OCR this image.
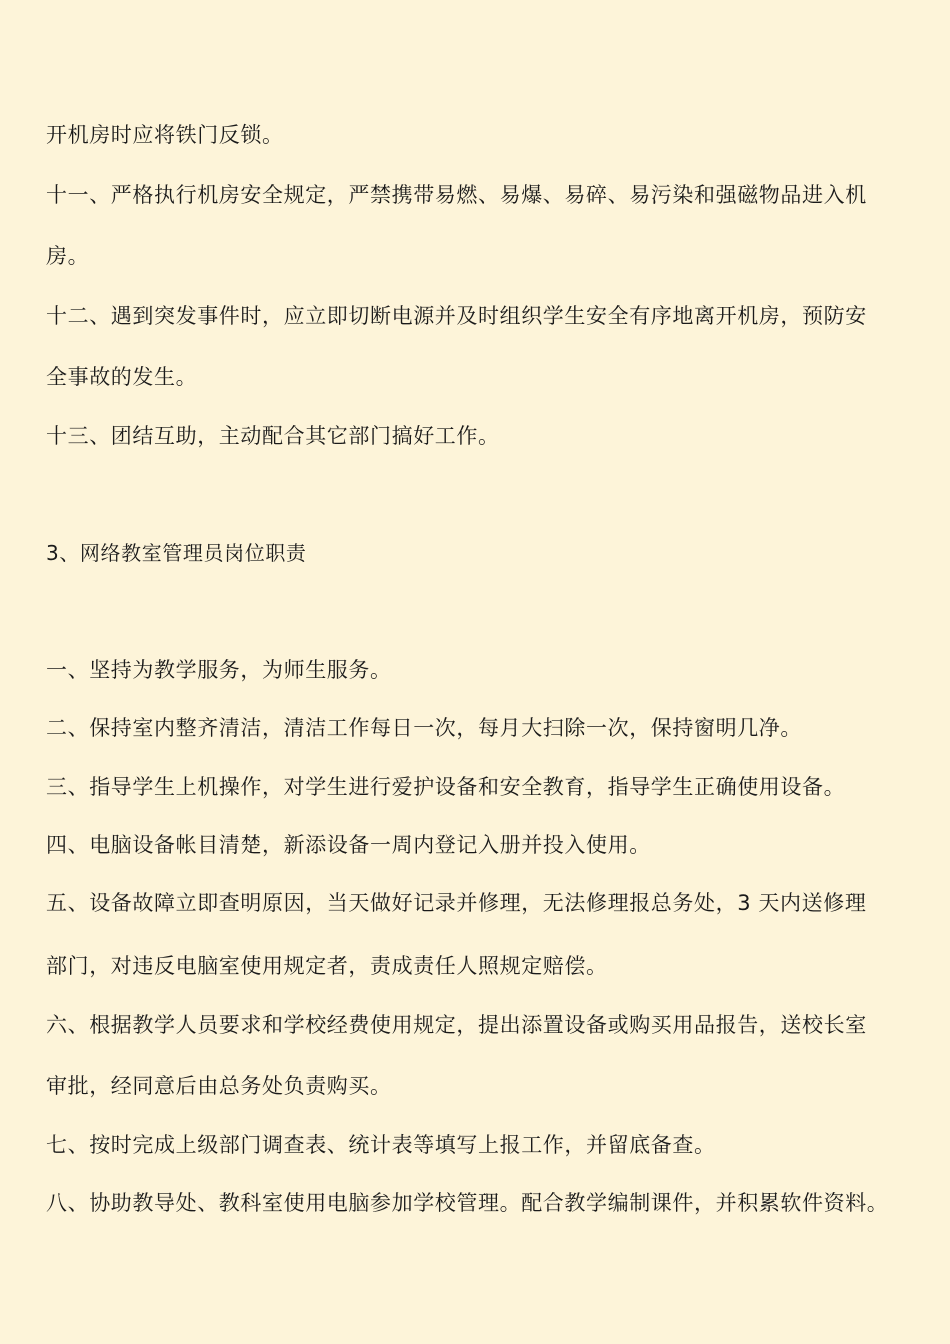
开机房时应将铁门反锁。
十一、严格执行机房安全规定，严禁携带易燃、易爆、易碎、易污染和强磁物品进入机
房。
十二、遇到突发事件时，应立即切断电源并及时组织学生安全有序地离开机房，预防安
全事故的发生。
十三、团结互助，主动配合其它部门搞好工作。
3、网络教室管理员岗位职责
一、坚持为教学服务，为师生服务。
二、保持室内整齐清洁，清洁工作每日一次，每月大扫除一次，保持窗明几净。
三、指导学生上机操作，对学生进行爱护设备和安全教育，指导学生正确使用设备。
四、电脑设备帐目清楚，新添设备一周内登记入册并投入使用。
五、设备故障立即查明原因，当天做好记录并修理，无法修理报总务处，3 天内送修理
部门，对违反电脑室使用规定者，责成责任人照规定赔偿。
六、根据教学人员要求和学校经费使用规定，提出添置设备或购买用品报告，送校长室
审批，经同意后由总务处负责购买。
七、按时完成上级部门调查表、统计表等填写上报工作，并留底备查。
八、协助教导处、教科室使用电脑参加学校管理。配合教学编制课件，并积累软件资料。
